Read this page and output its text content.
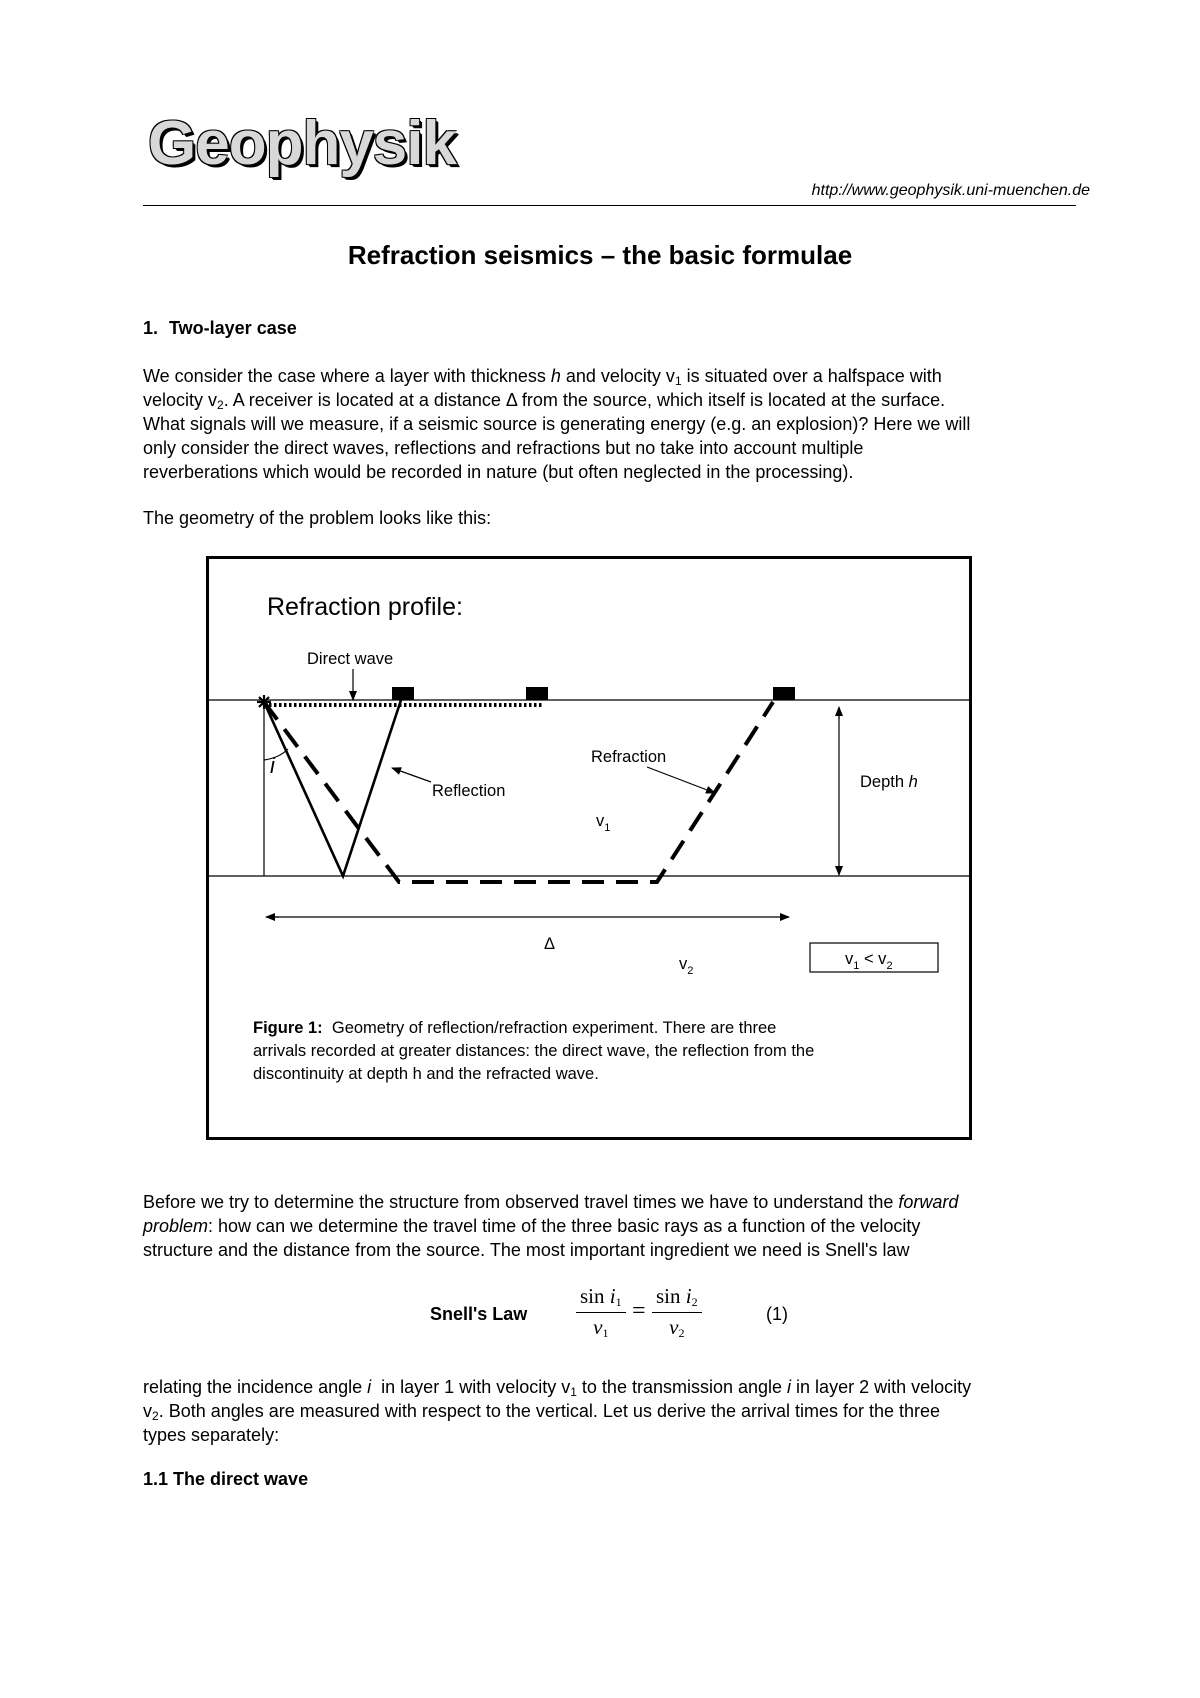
Geophysik
http://www.geophysik.uni-muenchen.de
Refraction seismics – the basic formulae
1. Two-layer case
We consider the case where a layer with thickness h and velocity $v_1$ is situated over a halfspace with
velocity $v_2$. A receiver is located at a distance Δ from the source, which itself is located at the surface.
What signals will we measure, if a seismic source is generating energy (e.g. an explosion)? Here we will
only consider the direct waves, reflections and refractions but no take into account multiple
reverberations which would be recorded in nature (but often neglected in the processing).
The geometry of the problem looks like this:
Refraction profile:
i
Direct wave
Reflection
Refraction
$v_1$
Depth h
Δ
$v_2$
$v_1 < v_2$
Figure 1:  Geometry of reflection/refraction experiment. There are three
arrivals recorded at greater distances: the direct wave, the reflection from the
discontinuity at depth h and the refracted wave.
Before we try to determine the structure from observed travel times we have to understand the forward
problem: how can we determine the travel time of the three basic rays as a function of the velocity
structure and the distance from the source. The most important ingredient we need is Snell's law
Snell's Law $\frac{\sin i_1}{v_1} = \frac{\sin i_2}{v_2}$	(1)
relating the incidence angle i  in layer 1 with velocity $v_1$ to the transmission angle i in layer 2 with velocity
$v_2$. Both angles are measured with respect to the vertical. Let us derive the arrival times for the three
types separately:
1.1 The direct wave
